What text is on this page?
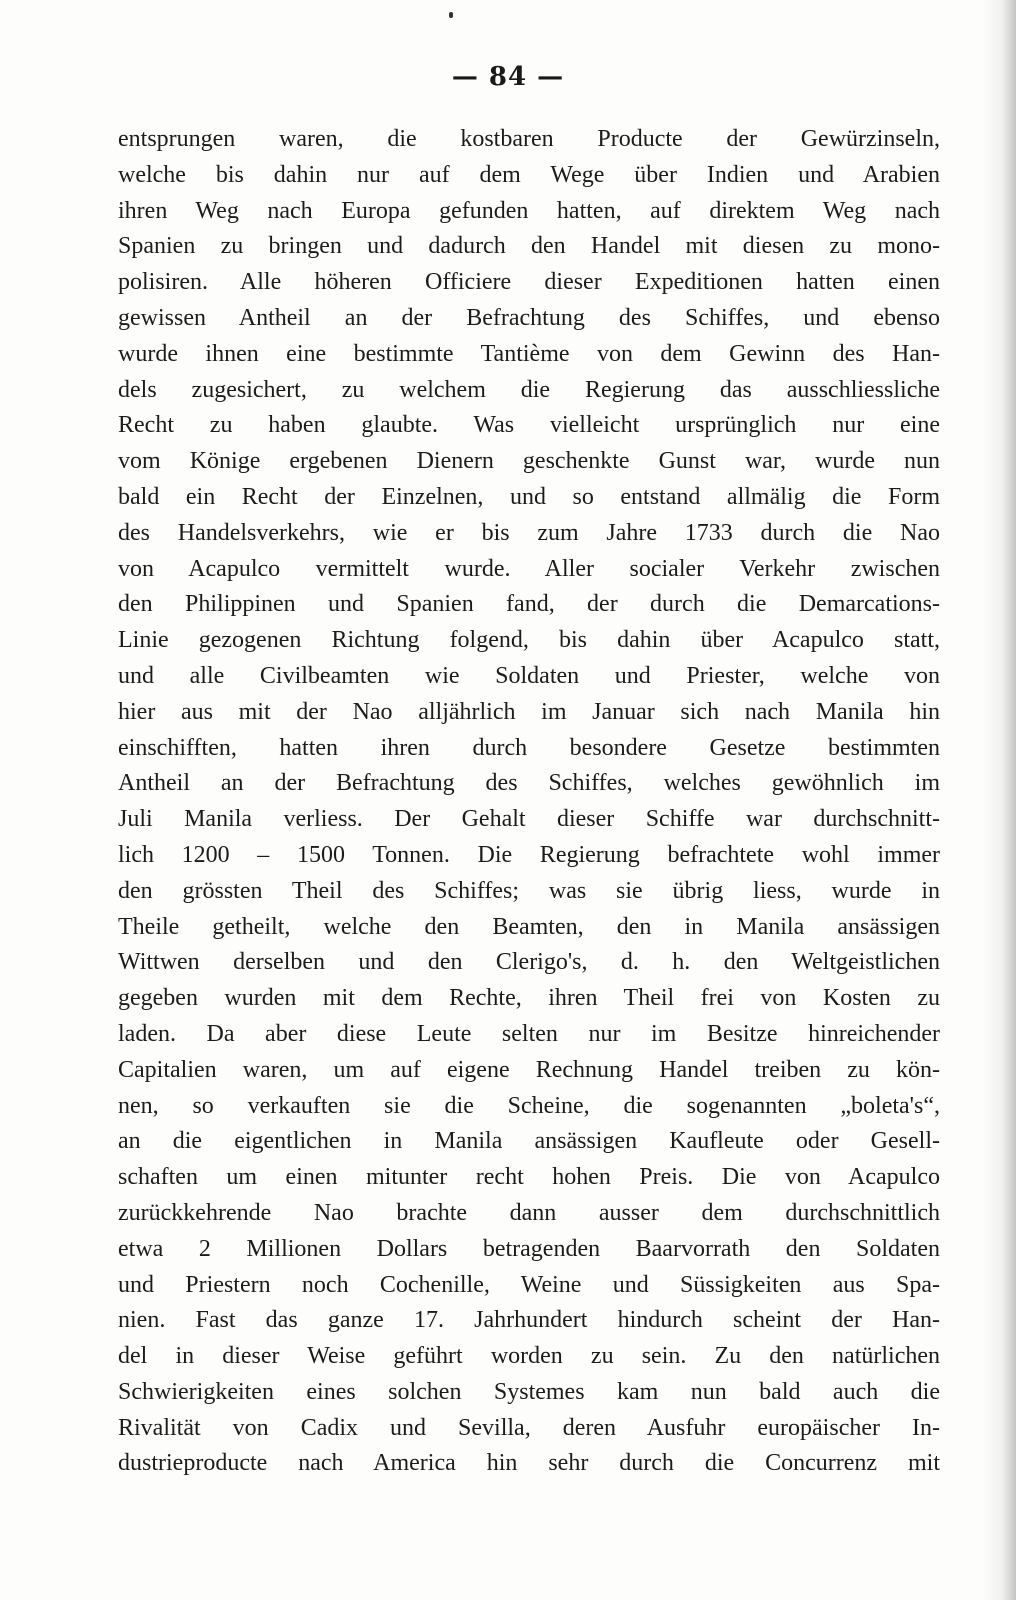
— 84 —
entsprungen waren, die kostbaren Producte der Gewürzinseln,
welche bis dahin nur auf dem Wege über Indien und Arabien
ihren Weg nach Europa gefunden hatten, auf direktem Weg nach
Spanien zu bringen und dadurch den Handel mit diesen zu mono-
polisiren. Alle höheren Officiere dieser Expeditionen hatten einen
gewissen Antheil an der Befrachtung des Schiffes, und ebenso
wurde ihnen eine bestimmte Tantième von dem Gewinn des Han-
dels zugesichert, zu welchem die Regierung das ausschliessliche
Recht zu haben glaubte. Was vielleicht ursprünglich nur eine
vom Könige ergebenen Dienern geschenkte Gunst war, wurde nun
bald ein Recht der Einzelnen, und so entstand allmälig die Form
des Handelsverkehrs, wie er bis zum Jahre 1733 durch die Nao
von Acapulco vermittelt wurde. Aller socialer Verkehr zwischen
den Philippinen und Spanien fand, der durch die Demarcations-
Linie gezogenen Richtung folgend, bis dahin über Acapulco statt,
und alle Civilbeamten wie Soldaten und Priester, welche von
hier aus mit der Nao alljährlich im Januar sich nach Manila hin
einschifften, hatten ihren durch besondere Gesetze bestimmten
Antheil an der Befrachtung des Schiffes, welches gewöhnlich im
Juli Manila verliess. Der Gehalt dieser Schiffe war durchschnitt-
lich 1200 – 1500 Tonnen. Die Regierung befrachtete wohl immer
den grössten Theil des Schiffes; was sie übrig liess, wurde in
Theile getheilt, welche den Beamten, den in Manila ansässigen
Wittwen derselben und den Clerigo's, d. h. den Weltgeistlichen
gegeben wurden mit dem Rechte, ihren Theil frei von Kosten zu
laden. Da aber diese Leute selten nur im Besitze hinreichender
Capitalien waren, um auf eigene Rechnung Handel treiben zu kön-
nen, so verkauften sie die Scheine, die sogenannten „boleta's“,
an die eigentlichen in Manila ansässigen Kaufleute oder Gesell-
schaften um einen mitunter recht hohen Preis. Die von Acapulco
zurückkehrende Nao brachte dann ausser dem durchschnittlich
etwa 2 Millionen Dollars betragenden Baarvorrath den Soldaten
und Priestern noch Cochenille, Weine und Süssigkeiten aus Spa-
nien. Fast das ganze 17. Jahrhundert hindurch scheint der Han-
del in dieser Weise geführt worden zu sein. Zu den natürlichen
Schwierigkeiten eines solchen Systemes kam nun bald auch die
Rivalität von Cadix und Sevilla, deren Ausfuhr europäischer In-
dustrieproducte nach America hin sehr durch die Concurrenz mit
